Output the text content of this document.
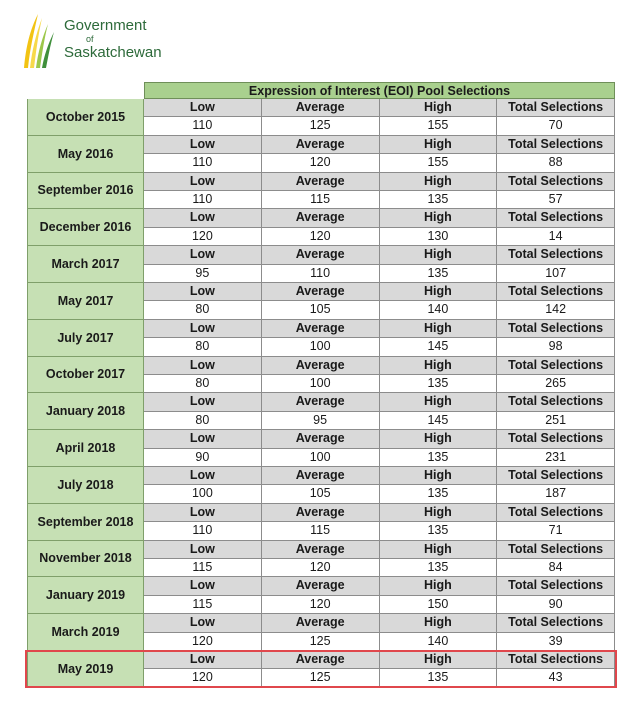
Government
of
Saskatchewan
Expression of Interest (EOI) Pool Selections
October 2015
Low	Average	High	Total Selections
110	125	155	70
May 2016
Low	Average	High	Total Selections
110	120	155	88
September 2016
Low	Average	High	Total Selections
110	115	135	57
December 2016
Low	Average	High	Total Selections
120	120	130	14
March 2017
Low	Average	High	Total Selections
95	110	135	107
May 2017
Low	Average	High	Total Selections
80	105	140	142
July 2017
Low	Average	High	Total Selections
80	100	145	98
October 2017
Low	Average	High	Total Selections
80	100	135	265
January 2018
Low	Average	High	Total Selections
80	95	145	251
April 2018
Low	Average	High	Total Selections
90	100	135	231
July 2018
Low	Average	High	Total Selections
100	105	135	187
September 2018
Low	Average	High	Total Selections
110	115	135	71
November 2018
Low	Average	High	Total Selections
115	120	135	84
January 2019
Low	Average	High	Total Selections
115	120	150	90
March 2019
Low	Average	High	Total Selections
120	125	140	39
May 2019
Low	Average	High	Total Selections
120	125	135	43
